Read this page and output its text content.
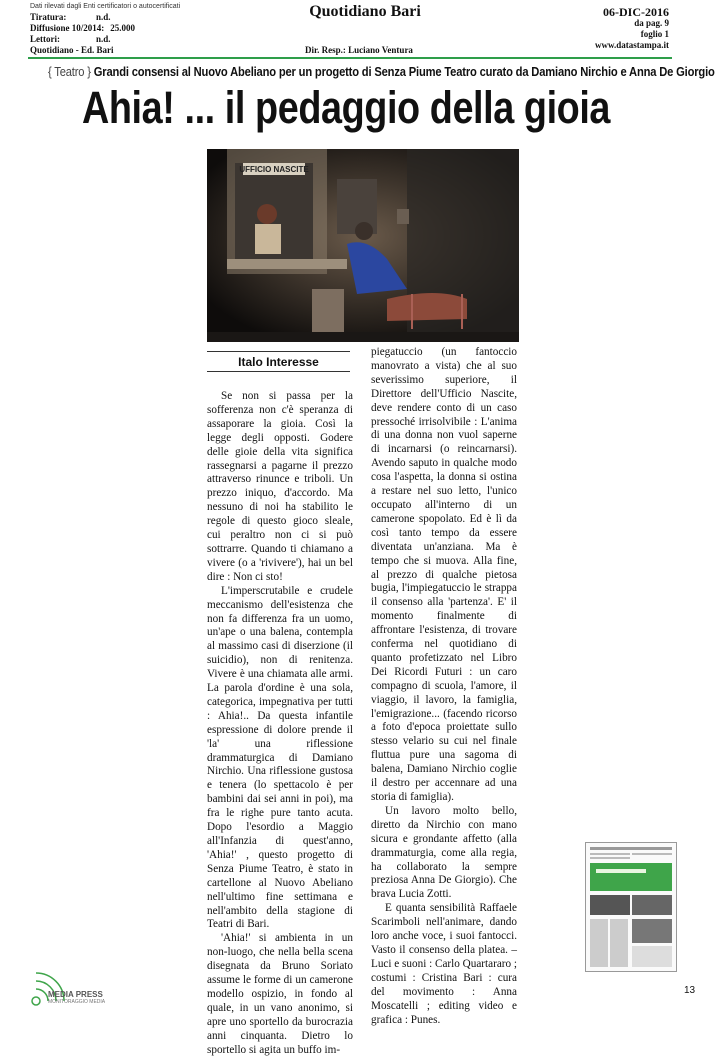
Dati rilevati dagli Enti certificatori o autocertificati
Tiratura:	n.d.
Diffusione 10/2014: 25.000
Lettori:	n.d.
Quotidiano - Ed. Bari
Quotidiano Bari
Dir. Resp.: Luciano Ventura
06-DIC-2016
da pag. 9
foglio 1
www.datastampa.it
{ Teatro } Grandi consensi al Nuovo Abeliano per un progetto di Senza Piume Teatro curato da Damiano Nirchio e Anna De Giorgio
Ahia! ... il pedaggio della gioia
UFFICIO NASCITE
Italo Interesse

Se non si passa per la sofferenza non c'è speranza di assaporare la gioia. Così la legge degli opposti. Godere delle gioie della vita significa rassegnarsi a pagarne il prezzo attraverso rinunce e triboli. Un prezzo iniquo, d'accordo. Ma nessuno di noi ha stabilito le regole di questo gioco sleale, cui peraltro non ci si può sottrarre. Quando ti chiamano a vivere (o a 'rivivere'), hai un bel dire : Non ci sto!

L'imperscrutabile e crudele meccanismo dell'esistenza che non fa differenza fra un uomo, un'ape o una balena, contempla al massimo casi di diserzione (il suicidio), non di renitenza. Vivere è una chiamata alle armi. La parola d'ordine è una sola, categorica, impegnativa per tutti : Ahia!.. Da questa infantile espressione di dolore prende il 'la' una riflessione drammaturgica di Damiano Nirchio. Una riflessione gustosa e tenera (lo spettacolo è per bambini dai sei anni in poi), ma fra le righe pure tanto acuta. Dopo l'esordio a Maggio all'Infanzia di quest'anno, 'Ahia!' , questo progetto di Senza Piume Teatro, è stato in cartellone al Nuovo Abeliano nell'ultimo fine settimana e nell'ambito della stagione di Teatri di Bari.

'Ahia!' si ambienta in un non-luogo, che nella bella scena disegnata da Bruno Soriato assume le forme di un camerone modello ospizio, in fondo al quale, in un vano anonimo, si apre uno sportello da burocrazia anni cinquanta. Dietro lo sportello si agita un buffo im-

piegatuccio (un fantoccio manovrato a vista) che al suo severissimo superiore, il Direttore dell'Ufficio Nascite, deve rendere conto di un caso pressoché irrisolvibile : L'anima di una donna non vuol saperne di incarnarsi (o reincarnarsi). Avendo saputo in qualche modo cosa l'aspetta, la donna si ostina a restare nel suo letto, l'unico occupato all'interno di un camerone spopolato. Ed è lì da così tanto tempo da essere diventata un'anziana. Ma è tempo che si muova. Alla fine, al prezzo di qualche pietosa bugia, l'impiegatuccio le strappa il consenso alla 'partenza'. E' il momento finalmente di affrontare l'esistenza, di trovare conferma nel quotidiano di quanto profetizzato nel Libro Dei Ricordi Futuri : un caro compagno di scuola, l'amore, il viaggio, il lavoro, la famiglia, l'emigrazione... (facendo ricorso a foto d'epoca proiettate sullo stesso velario su cui nel finale fluttua pure una sagoma di balena, Damiano Nirchio coglie il destro per accennare ad una storia di famiglia).

Un lavoro molto bello, diretto da Nirchio con mano sicura e grondante affetto (alla drammaturgia, come alla regia, ha collaborato la sempre preziosa Anna De Giorgio). Che brava Lucia Zotti.

E quanta sensibilità Raffaele Scarimboli nell'animare, dando loro anche voce, i suoi fantocci. Vasto il consenso della platea. – Luci e suoni : Carlo Quartararo ; costumi : Cristina Bari : cura del movimento : Anna Moscatelli ; editing video e grafica : Punes.

MEDIA PRESS
MONITORAGGIO MEDIA
13
